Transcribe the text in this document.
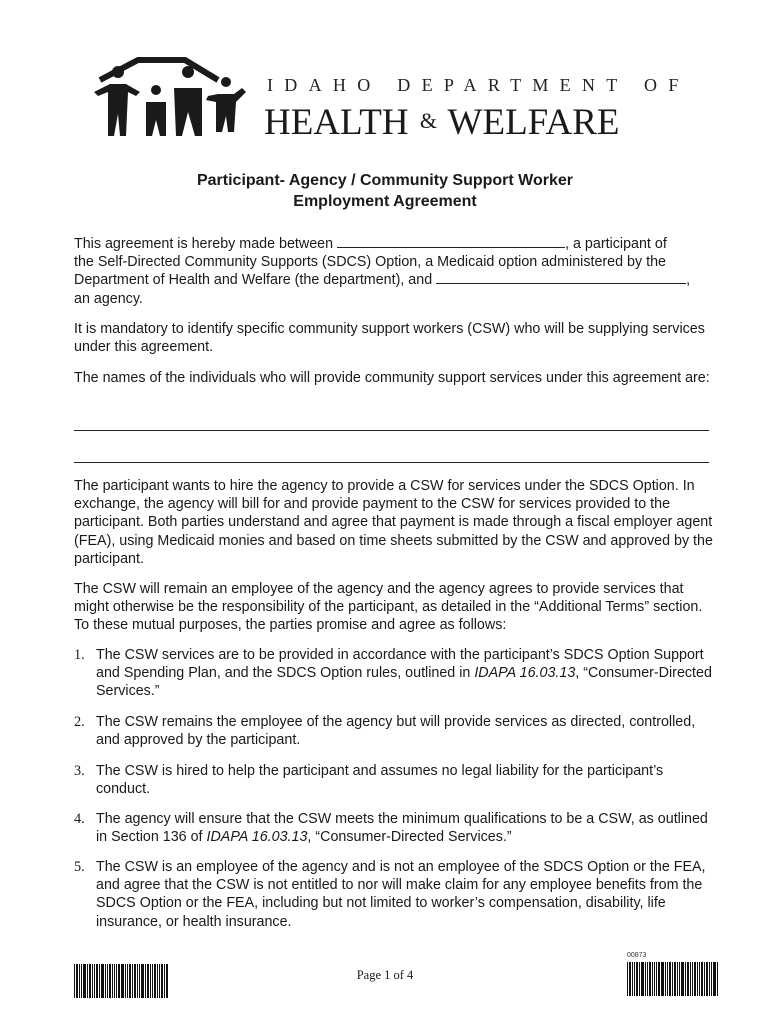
IDAHO DEPARTMENT OF
HEALTH & WELFARE
Participant- Agency / Community Support Worker
Employment Agreement
This agreement is hereby made between	, a participant of
the Self-Directed Community Supports (SDCS) Option, a Medicaid option administered by the
Department of Health and Welfare (the department), and	,
an agency.
It is mandatory to identify specific community support workers (CSW) who will be supplying services under this agreement.
The names of the individuals who will provide community support services under this agreement are:
The participant wants to hire the agency to provide a CSW for services under the SDCS Option. In exchange, the agency will bill for and provide payment to the CSW for services provided to the participant. Both parties understand and agree that payment is made through a fiscal employer agent (FEA), using Medicaid monies and based on time sheets submitted by the CSW and approved by the participant.
The CSW will remain an employee of the agency and the agency agrees to provide services that might otherwise be the responsibility of the participant, as detailed in the “Additional Terms” section. To these mutual purposes, the parties promise and agree as follows:
1. The CSW services are to be provided in accordance with the participant’s SDCS Option Support and Spending Plan, and the SDCS Option rules, outlined in IDAPA 16.03.13, “Consumer-Directed Services.”
2. The CSW remains the employee of the agency but will provide services as directed, controlled, and approved by the participant.
3. The CSW is hired to help the participant and assumes no legal liability for the participant’s conduct.
4. The agency will ensure that the CSW meets the minimum qualifications to be a CSW, as outlined in Section 136 of IDAPA 16.03.13, “Consumer-Directed Services.”
5. The CSW is an employee of the agency and is not an employee of the SDCS Option or the FEA, and agree that the CSW is not entitled to nor will make claim for any employee benefits from the SDCS Option or the FEA, including but not limited to worker’s compensation, disability, life insurance, or health insurance.
Page 1 of 4
00873
